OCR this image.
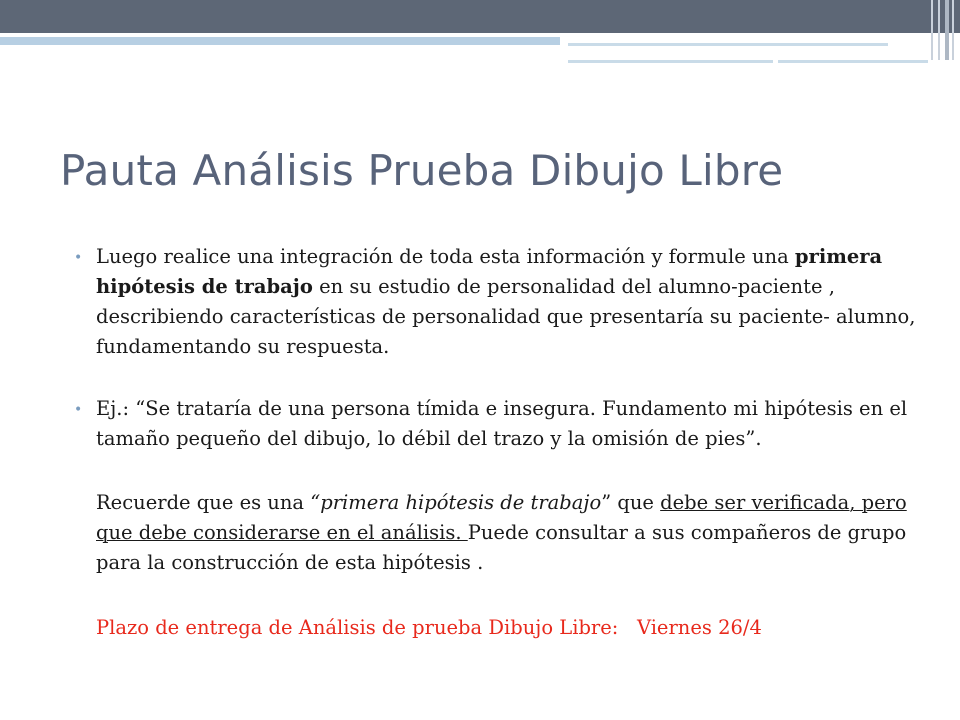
Pauta Análisis Prueba Dibujo Libre

• Luego realice una integración de toda esta información y formule una primera hipótesis de trabajo en su estudio de personalidad del alumno-paciente , describiendo características de personalidad que presentaría su paciente- alumno, fundamentando su respuesta.

• Ej.: “Se trataría de una persona tímida e insegura. Fundamento mi hipótesis en el tamaño pequeño del dibujo, lo débil del trazo y la omisión de pies”.

Recuerde que es una “primera hipótesis de trabajo” que debe ser verificada, pero que debe considerarse en el análisis. Puede consultar a sus compañeros de grupo para la construcción de esta hipótesis .

Plazo de entrega de Análisis de prueba Dibujo Libre:   Viernes 26/4
